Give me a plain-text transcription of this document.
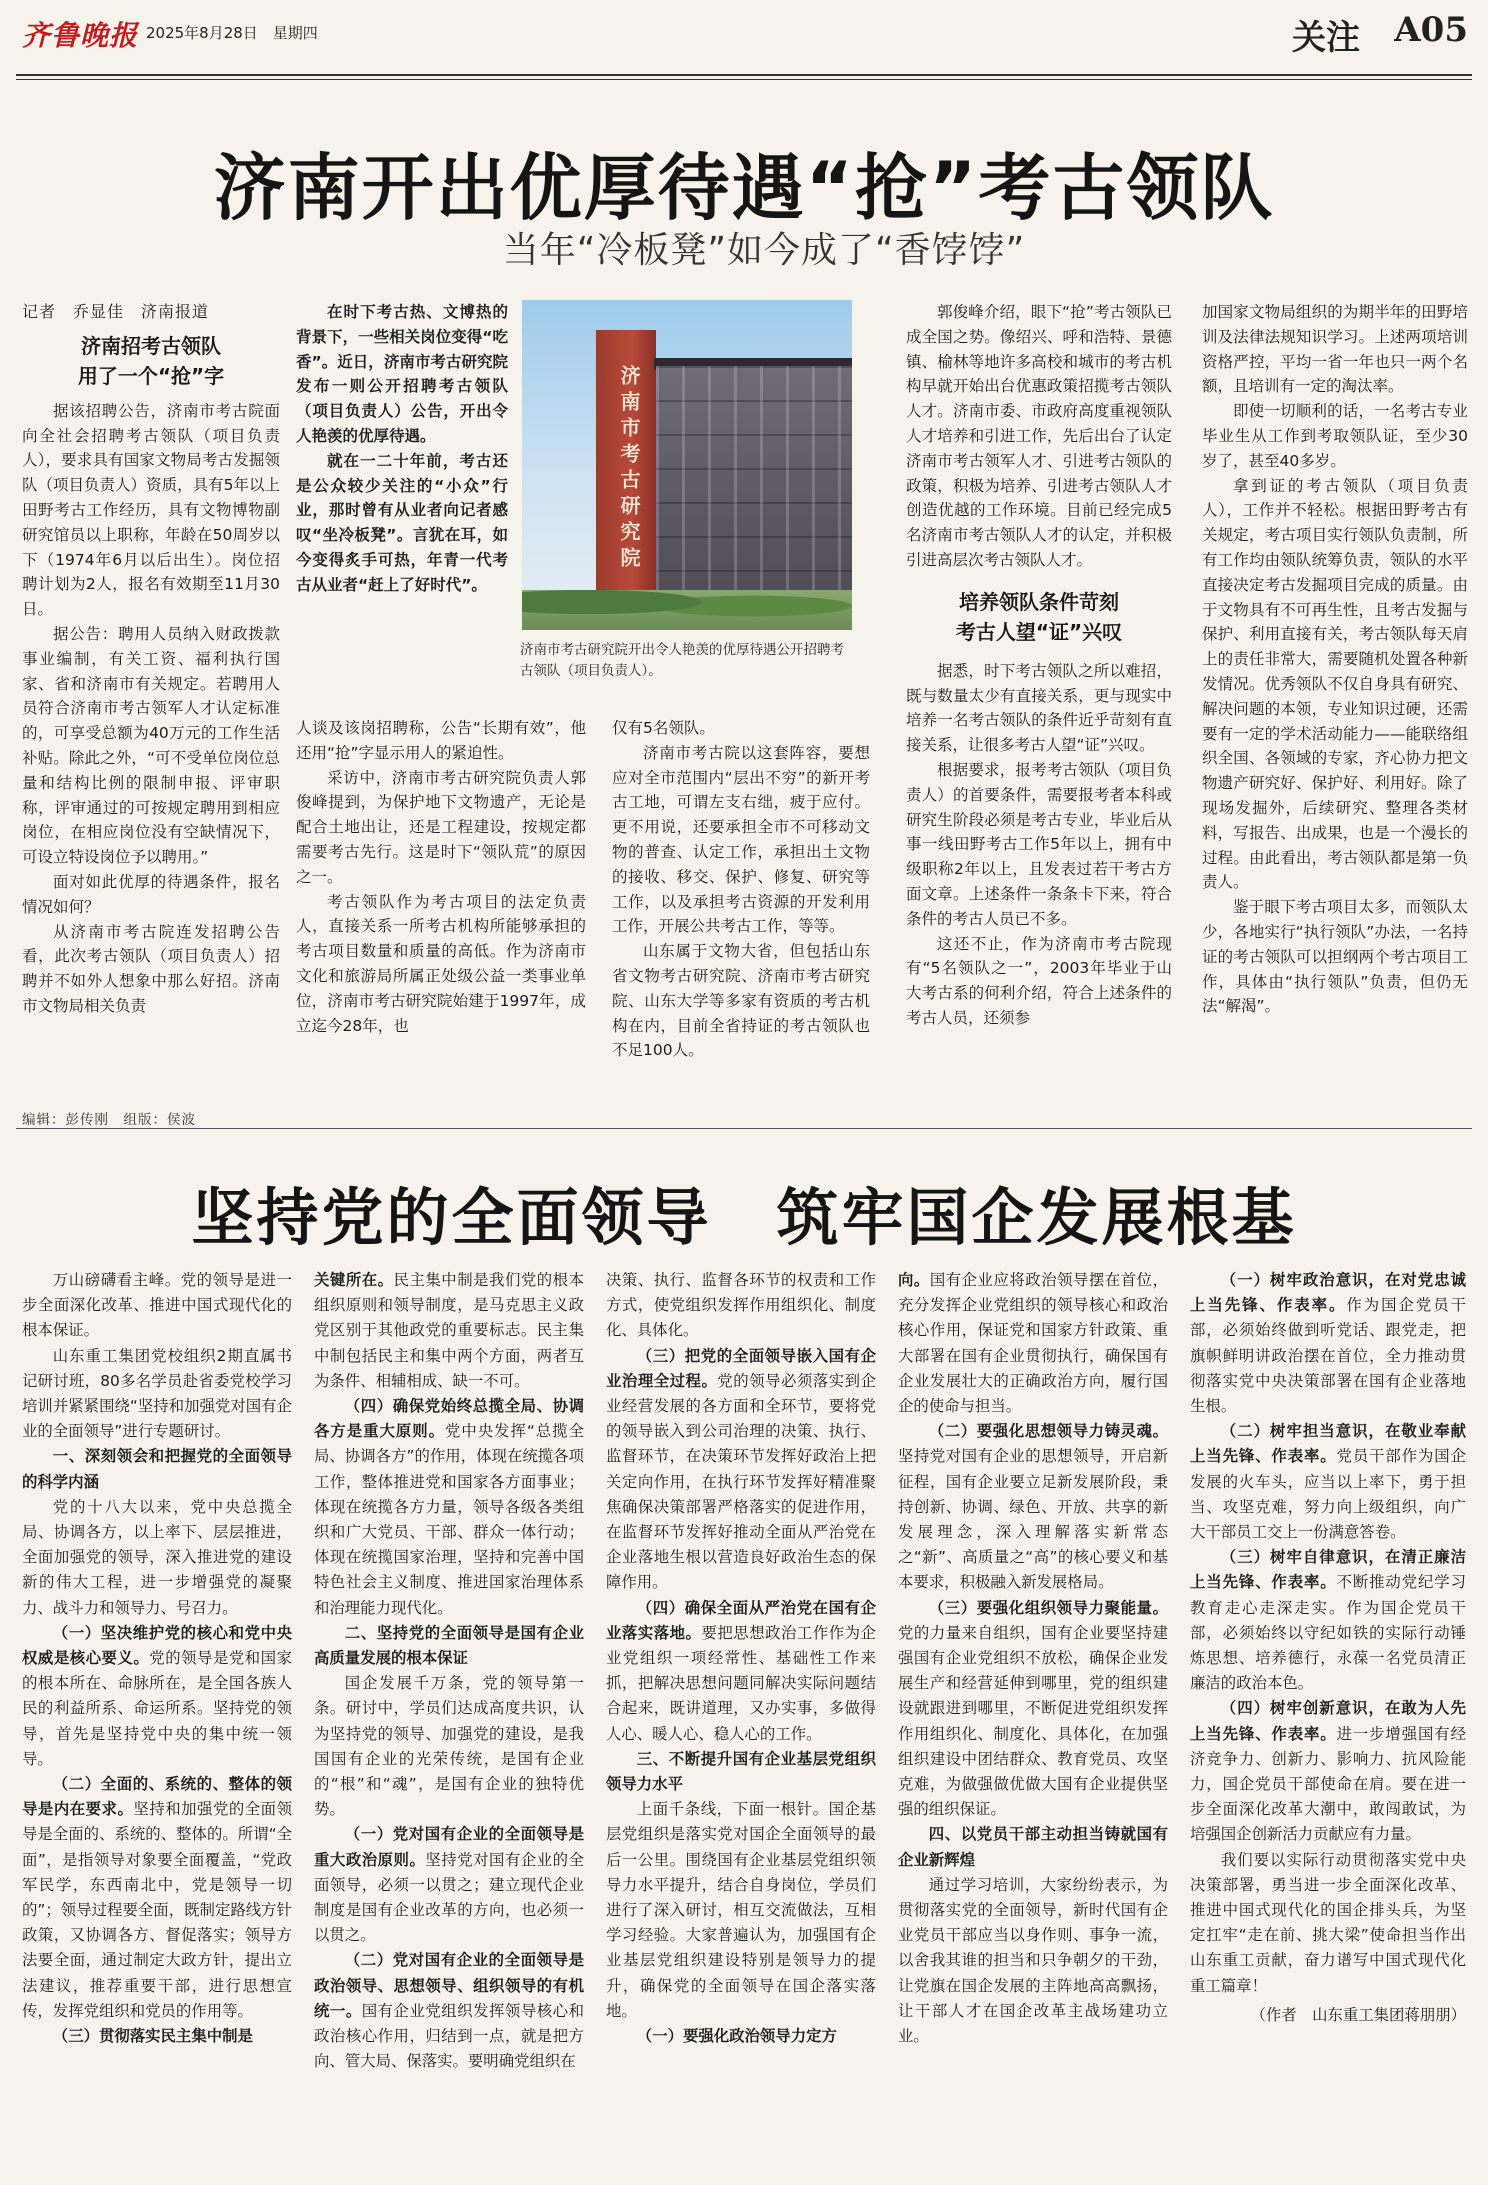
齐鲁晚报 2025年8月28日　星期四	关注 A05
济南开出优厚待遇“抢”考古领队
当年“冷板凳”如今成了“香饽饽”

记者　乔显佳　济南报道

济南招考古领队
用了一个“抢”字

据该招聘公告，济南市考古院面向全社会招聘考古领队（项目负责人），要求具有国家文物局考古发掘领队（项目负责人）资质，具有5年以上田野考古工作经历，具有文物博物副研究馆员以上职称，年龄在50周岁以下（1974年6月以后出生）。岗位招聘计划为2人，报名有效期至11月30日。

据公告：聘用人员纳入财政拨款事业编制，有关工资、福利执行国家、省和济南市有关规定。若聘用人员符合济南市考古领军人才认定标准的，可享受总额为40万元的工作生活补贴。除此之外，“可不受单位岗位总量和结构比例的限制申报、评审职称，评审通过的可按规定聘用到相应岗位，在相应岗位没有空缺情况下，可设立特设岗位予以聘用。”

面对如此优厚的待遇条件，报名情况如何？

从济南市考古院连发招聘公告看，此次考古领队（项目负责人）招聘并不如外人想象中那么好招。济南市文物局相关负责

在时下考古热、文博热的背景下，一些相关岗位变得“吃香”。近日，济南市考古研究院发布一则公开招聘考古领队（项目负责人）公告，开出令人艳羡的优厚待遇。

就在一二十年前，考古还是公众较少关注的“小众”行业，那时曾有从业者向记者感叹“坐冷板凳”。言犹在耳，如今变得炙手可热，年青一代考古从业者“赶上了好时代”。

济南市考古研究院
济南市考古研究院开出令人艳羡的优厚待遇公开招聘考古领队（项目负责人）。

人谈及该岗招聘称，公告“长期有效”，他还用“抢”字显示用人的紧迫性。

采访中，济南市考古研究院负责人郭俊峰提到，为保护地下文物遗产，无论是配合土地出让，还是工程建设，按规定都需要考古先行。这是时下“领队荒”的原因之一。

考古领队作为考古项目的法定负责人，直接关系一所考古机构所能够承担的考古项目数量和质量的高低。作为济南市文化和旅游局所属正处级公益一类事业单位，济南市考古研究院始建于1997年，成立迄今28年，也

仅有5名领队。

济南市考古院以这套阵容，要想应对全市范围内“层出不穷”的新开考古工地，可谓左支右绌，疲于应付。更不用说，还要承担全市不可移动文物的普查、认定工作，承担出土文物的接收、移交、保护、修复、研究等工作，以及承担考古资源的开发利用工作，开展公共考古工作，等等。

山东属于文物大省，但包括山东省文物考古研究院、济南市考古研究院、山东大学等多家有资质的考古机构在内，目前全省持证的考古领队也不足100人。

郭俊峰介绍，眼下“抢”考古领队已成全国之势。像绍兴、呼和浩特、景德镇、榆林等地许多高校和城市的考古机构早就开始出台优惠政策招揽考古领队人才。济南市委、市政府高度重视领队人才培养和引进工作，先后出台了认定济南市考古领军人才、引进考古领队的政策，积极为培养、引进考古领队人才创造优越的工作环境。目前已经完成5名济南市考古领队人才的认定，并积极引进高层次考古领队人才。

培养领队条件苛刻
考古人望“证”兴叹

据悉，时下考古领队之所以难招，既与数量太少有直接关系，更与现实中培养一名考古领队的条件近乎苛刻有直接关系，让很多考古人望“证”兴叹。

根据要求，报考考古领队（项目负责人）的首要条件，需要报考者本科或研究生阶段必须是考古专业，毕业后从事一线田野考古工作5年以上，拥有中级职称2年以上，且发表过若干考古方面文章。上述条件一条条卡下来，符合条件的考古人员已不多。

这还不止，作为济南市考古院现有“5名领队之一”，2003年毕业于山大考古系的何利介绍，符合上述条件的考古人员，还须参

加国家文物局组织的为期半年的田野培训及法律法规知识学习。上述两项培训资格严控，平均一省一年也只一两个名额，且培训有一定的淘汰率。

即使一切顺利的话，一名考古专业毕业生从工作到考取领队证，至少30岁了，甚至40多岁。

拿到证的考古领队（项目负责人），工作并不轻松。根据田野考古有关规定，考古项目实行领队负责制，所有工作均由领队统筹负责，领队的水平直接决定考古发掘项目完成的质量。由于文物具有不可再生性，且考古发掘与保护、利用直接有关，考古领队每天肩上的责任非常大，需要随机处置各种新发情况。优秀领队不仅自身具有研究、解决问题的本领，专业知识过硬，还需要有一定的学术活动能力——能联络组织全国、各领域的专家，齐心协力把文物遗产研究好、保护好、利用好。除了现场发掘外，后续研究、整理各类材料，写报告、出成果，也是一个漫长的过程。由此看出，考古领队都是第一负责人。

鉴于眼下考古项目太多，而领队太少，各地实行“执行领队”办法，一名持证的考古领队可以担纲两个考古项目工作，具体由“执行领队”负责，但仍无法“解渴”。

编辑：彭传刚　组版：侯波
坚持党的全面领导　筑牢国企发展根基

万山磅礴看主峰。党的领导是进一步全面深化改革、推进中国式现代化的根本保证。

山东重工集团党校组织2期直属书记研讨班，80多名学员赴省委党校学习培训并紧紧围绕“坚持和加强党对国有企业的全面领导”进行专题研讨。

一、深刻领会和把握党的全面领导的科学内涵

党的十八大以来，党中央总揽全局、协调各方，以上率下、层层推进，全面加强党的领导，深入推进党的建设新的伟大工程，进一步增强党的凝聚力、战斗力和领导力、号召力。

（一）坚决维护党的核心和党中央权威是核心要义。党的领导是党和国家的根本所在、命脉所在，是全国各族人民的利益所系、命运所系。坚持党的领导，首先是坚持党中央的集中统一领导。

（二）全面的、系统的、整体的领导是内在要求。坚持和加强党的全面领导是全面的、系统的、整体的。所谓“全面”，是指领导对象要全面覆盖，“党政军民学，东西南北中，党是领导一切的”；领导过程要全面，既制定路线方针政策，又协调各方、督促落实；领导方法要全面，通过制定大政方针，提出立法建议，推荐重要干部，进行思想宣传，发挥党组织和党员的作用等。

（三）贯彻落实民主集中制是

关键所在。民主集中制是我们党的根本组织原则和领导制度，是马克思主义政党区别于其他政党的重要标志。民主集中制包括民主和集中两个方面，两者互为条件、相辅相成、缺一不可。

（四）确保党始终总揽全局、协调各方是重大原则。党中央发挥“总揽全局、协调各方”的作用，体现在统揽各项工作，整体推进党和国家各方面事业；体现在统揽各方力量，领导各级各类组织和广大党员、干部、群众一体行动；体现在统揽国家治理，坚持和完善中国特色社会主义制度、推进国家治理体系和治理能力现代化。

二、坚持党的全面领导是国有企业高质量发展的根本保证

国企发展千万条，党的领导第一条。研讨中，学员们达成高度共识，认为坚持党的领导、加强党的建设，是我国国有企业的光荣传统，是国有企业的“根”和“魂”，是国有企业的独特优势。

（一）党对国有企业的全面领导是重大政治原则。坚持党对国有企业的全面领导，必须一以贯之；建立现代企业制度是国有企业改革的方向，也必须一以贯之。

（二）党对国有企业的全面领导是政治领导、思想领导、组织领导的有机统一。国有企业党组织发挥领导核心和政治核心作用，归结到一点，就是把方向、管大局、保落实。要明确党组织在

决策、执行、监督各环节的权责和工作方式，使党组织发挥作用组织化、制度化、具体化。

（三）把党的全面领导嵌入国有企业治理全过程。党的领导必须落实到企业经营发展的各方面和全环节，要将党的领导嵌入到公司治理的决策、执行、监督环节，在决策环节发挥好政治上把关定向作用，在执行环节发挥好精准聚焦确保决策部署严格落实的促进作用，在监督环节发挥好推动全面从严治党在企业落地生根以营造良好政治生态的保障作用。

（四）确保全面从严治党在国有企业落实落地。要把思想政治工作作为企业党组织一项经常性、基础性工作来抓，把解决思想问题同解决实际问题结合起来，既讲道理，又办实事，多做得人心、暖人心、稳人心的工作。

三、不断提升国有企业基层党组织领导力水平

上面千条线，下面一根针。国企基层党组织是落实党对国企全面领导的最后一公里。围绕国有企业基层党组织领导力水平提升，结合自身岗位，学员们进行了深入研讨，相互交流做法，互相学习经验。大家普遍认为，加强国有企业基层党组织建设特别是领导力的提升，确保党的全面领导在国企落实落地。

（一）要强化政治领导力定方

向。国有企业应将政治领导摆在首位，充分发挥企业党组织的领导核心和政治核心作用，保证党和国家方针政策、重大部署在国有企业贯彻执行，确保国有企业发展壮大的正确政治方向，履行国企的使命与担当。

（二）要强化思想领导力铸灵魂。坚持党对国有企业的思想领导，开启新征程，国有企业要立足新发展阶段，秉持创新、协调、绿色、开放、共享的新发展理念，深入理解落实新常态之“新”、高质量之“高”的核心要义和基本要求，积极融入新发展格局。

（三）要强化组织领导力聚能量。党的力量来自组织，国有企业要坚持建强国有企业党组织不放松，确保企业发展生产和经营延伸到哪里，党的组织建设就跟进到哪里，不断促进党组织发挥作用组织化、制度化、具体化，在加强组织建设中团结群众、教育党员、攻坚克难，为做强做优做大国有企业提供坚强的组织保证。

四、以党员干部主动担当铸就国有企业新辉煌

通过学习培训，大家纷纷表示，为贯彻落实党的全面领导，新时代国有企业党员干部应当以身作则、事争一流，以舍我其谁的担当和只争朝夕的干劲，让党旗在国企发展的主阵地高高飘扬，让干部人才在国企改革主战场建功立业。

（一）树牢政治意识，在对党忠诚上当先锋、作表率。作为国企党员干部，必须始终做到听党话、跟党走，把旗帜鲜明讲政治摆在首位，全力推动贯彻落实党中央决策部署在国有企业落地生根。

（二）树牢担当意识，在敬业奉献上当先锋、作表率。党员干部作为国企发展的火车头，应当以上率下，勇于担当、攻坚克难，努力向上级组织，向广大干部员工交上一份满意答卷。

（三）树牢自律意识，在清正廉洁上当先锋、作表率。不断推动党纪学习教育走心走深走实。作为国企党员干部，必须始终以守纪如铁的实际行动锤炼思想、培养德行，永葆一名党员清正廉洁的政治本色。

（四）树牢创新意识，在敢为人先上当先锋、作表率。进一步增强国有经济竞争力、创新力、影响力、抗风险能力，国企党员干部使命在肩。要在进一步全面深化改革大潮中，敢闯敢试，为培强国企创新活力贡献应有力量。

我们要以实际行动贯彻落实党中央决策部署，勇当进一步全面深化改革、推进中国式现代化的国企排头兵，为坚定扛牢“走在前、挑大梁”使命担当作出山东重工贡献，奋力谱写中国式现代化重工篇章！

（作者　山东重工集团蒋朋朋）
